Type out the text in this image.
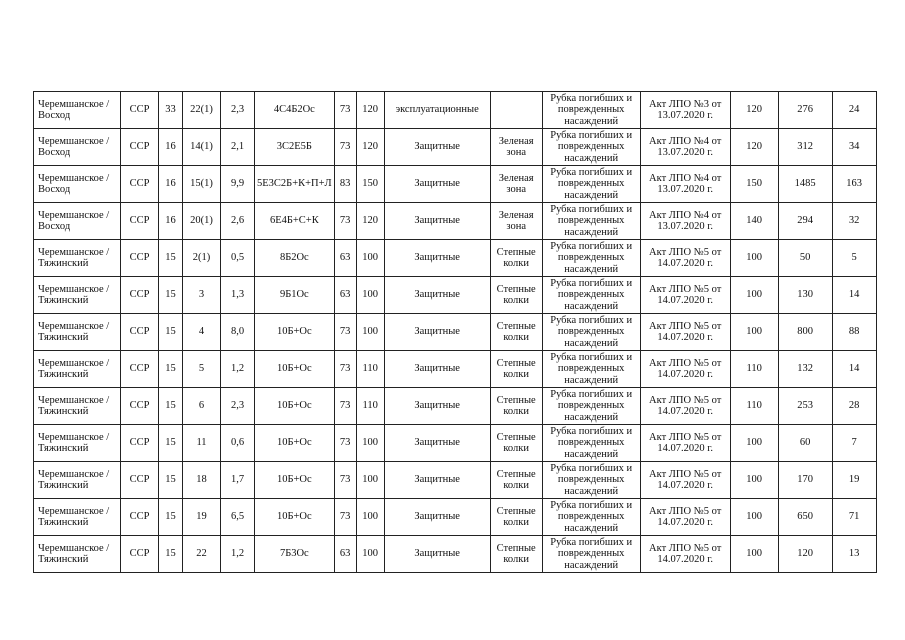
Черемшанское / Восход	ССР	33	22(1)	2,3	4С4Б2Ос	73	120	эксплуатационные		Рубка погибших и поврежденных насаждений	Акт ЛПО №3 от 13.07.2020 г.	120	276	24
Черемшанское / Восход	ССР	16	14(1)	2,1	3С2Е5Б	73	120	Защитные	Зеленая зона	Рубка погибших и поврежденных насаждений	Акт ЛПО №4 от 13.07.2020 г.	120	312	34
Черемшанское / Восход	ССР	16	15(1)	9,9	5Е3С2Б+К+П+Л	83	150	Защитные	Зеленая зона	Рубка погибших и поврежденных насаждений	Акт ЛПО №4 от 13.07.2020 г.	150	1485	163
Черемшанское / Восход	ССР	16	20(1)	2,6	6Е4Б+С+К	73	120	Защитные	Зеленая зона	Рубка погибших и поврежденных насаждений	Акт ЛПО №4 от 13.07.2020 г.	140	294	32
Черемшанское / Тяжинский	ССР	15	2(1)	0,5	8Б2Ос	63	100	Защитные	Степные колки	Рубка погибших и поврежденных насаждений	Акт ЛПО №5 от 14.07.2020 г.	100	50	5
Черемшанское / Тяжинский	ССР	15	3	1,3	9Б1Ос	63	100	Защитные	Степные колки	Рубка погибших и поврежденных насаждений	Акт ЛПО №5 от 14.07.2020 г.	100	130	14
Черемшанское / Тяжинский	ССР	15	4	8,0	10Б+Ос	73	100	Защитные	Степные колки	Рубка погибших и поврежденных насаждений	Акт ЛПО №5 от 14.07.2020 г.	100	800	88
Черемшанское / Тяжинский	ССР	15	5	1,2	10Б+Ос	73	110	Защитные	Степные колки	Рубка погибших и поврежденных насаждений	Акт ЛПО №5 от 14.07.2020 г.	110	132	14
Черемшанское / Тяжинский	ССР	15	6	2,3	10Б+Ос	73	110	Защитные	Степные колки	Рубка погибших и поврежденных насаждений	Акт ЛПО №5 от 14.07.2020 г.	110	253	28
Черемшанское / Тяжинский	ССР	15	11	0,6	10Б+Ос	73	100	Защитные	Степные колки	Рубка погибших и поврежденных насаждений	Акт ЛПО №5 от 14.07.2020 г.	100	60	7
Черемшанское / Тяжинский	ССР	15	18	1,7	10Б+Ос	73	100	Защитные	Степные колки	Рубка погибших и поврежденных насаждений	Акт ЛПО №5 от 14.07.2020 г.	100	170	19
Черемшанское / Тяжинский	ССР	15	19	6,5	10Б+Ос	73	100	Защитные	Степные колки	Рубка погибших и поврежденных насаждений	Акт ЛПО №5 от 14.07.2020 г.	100	650	71
Черемшанское / Тяжинский	ССР	15	22	1,2	7Б3Ос	63	100	Защитные	Степные колки	Рубка погибших и поврежденных насаждений	Акт ЛПО №5 от 14.07.2020 г.	100	120	13
